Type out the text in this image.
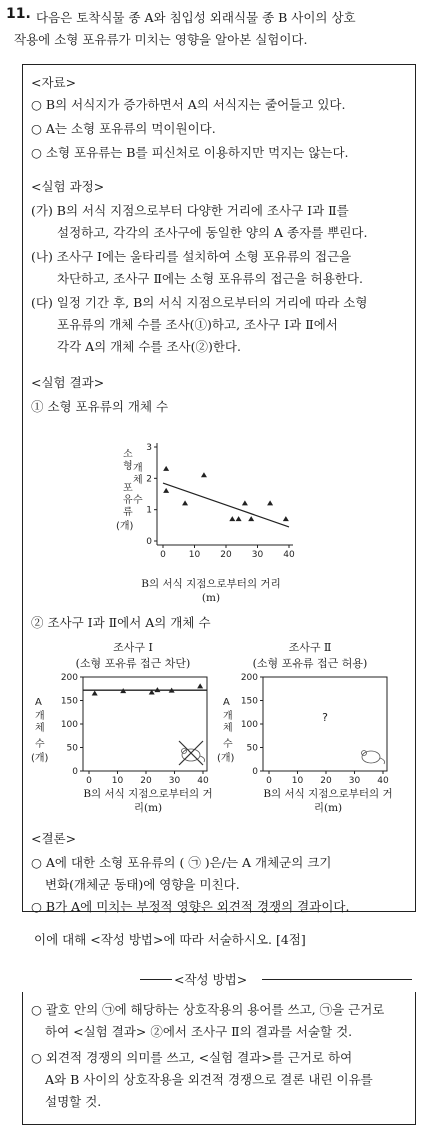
11. 다음은 토착식물 종 A와 침입성 외래식물 종 B 사이의 상호
작용에 소형 포유류가 미치는 영향을 알아본 실험이다.
<자료>
○ B의 서식지가 증가하면서 A의 서식지는 줄어들고 있다.
○ A는 소형 포유류의 먹이원이다.
○ 소형 포유류는 B를 피신처로 이용하지만 먹지는 않는다.
<실험 과정>
(가) B의 서식 지점으로부터 다양한 거리에 조사구 Ⅰ과 Ⅱ를
설정하고, 각각의 조사구에 동일한 양의 A 종자를 뿌린다.
(나) 조사구 Ⅰ에는 울타리를 설치하여 소형 포유류의 접근을
차단하고, 조사구 Ⅱ에는 소형 포유류의 접근을 허용한다.
(다) 일정 기간 후, B의 서식 지점으로부터의 거리에 따라 소형
포유류의 개체 수를 조사(①)하고, 조사구 Ⅰ과 Ⅱ에서
각각 A의 개체 수를 조사(②)한다.
<실험 결과>
① 소형 포유류의 개체 수
소
형 개
체
포
유 수
류
(개)
0
1
2
3
0	10 20 30 40
B의 서식 지점으로부터의 거리(m)
② 조사구 Ⅰ과 Ⅱ에서 A의 개체 수
조사구 Ⅰ
(소형 포유류 접근 차단)
조사구 Ⅱ
(소형 포유류 접근 허용)
A
개
체
수
(개)
0
50
100
150
200
0 10 20 30 40
A
개
체
수
(개)
0
50
100
150
200
0 10 20 30 40
?
B의 서식 지점으로부터의 거리(m)
B의 서식 지점으로부터의 거리(m)
<결론>
○ A에 대한 소형 포유류의 ( ㉠ )은/는 A 개체군의 크기
변화(개체군 동태)에 영향을 미친다.
○ B가 A에 미치는 부정적 영향은 외견적 경쟁의 결과이다.
이에 대해 <작성 방법>에 따라 서술하시오. [4점]
<작성 방법>
○ 괄호 안의 ㉠에 해당하는 상호작용의 용어를 쓰고, ㉠을 근거로
하여 <실험 결과> ②에서 조사구 Ⅱ의 결과를 서술할 것.
○ 외견적 경쟁의 의미를 쓰고, <실험 결과>를 근거로 하여
A와 B 사이의 상호작용을 외견적 경쟁으로 결론 내린 이유를
설명할 것.
